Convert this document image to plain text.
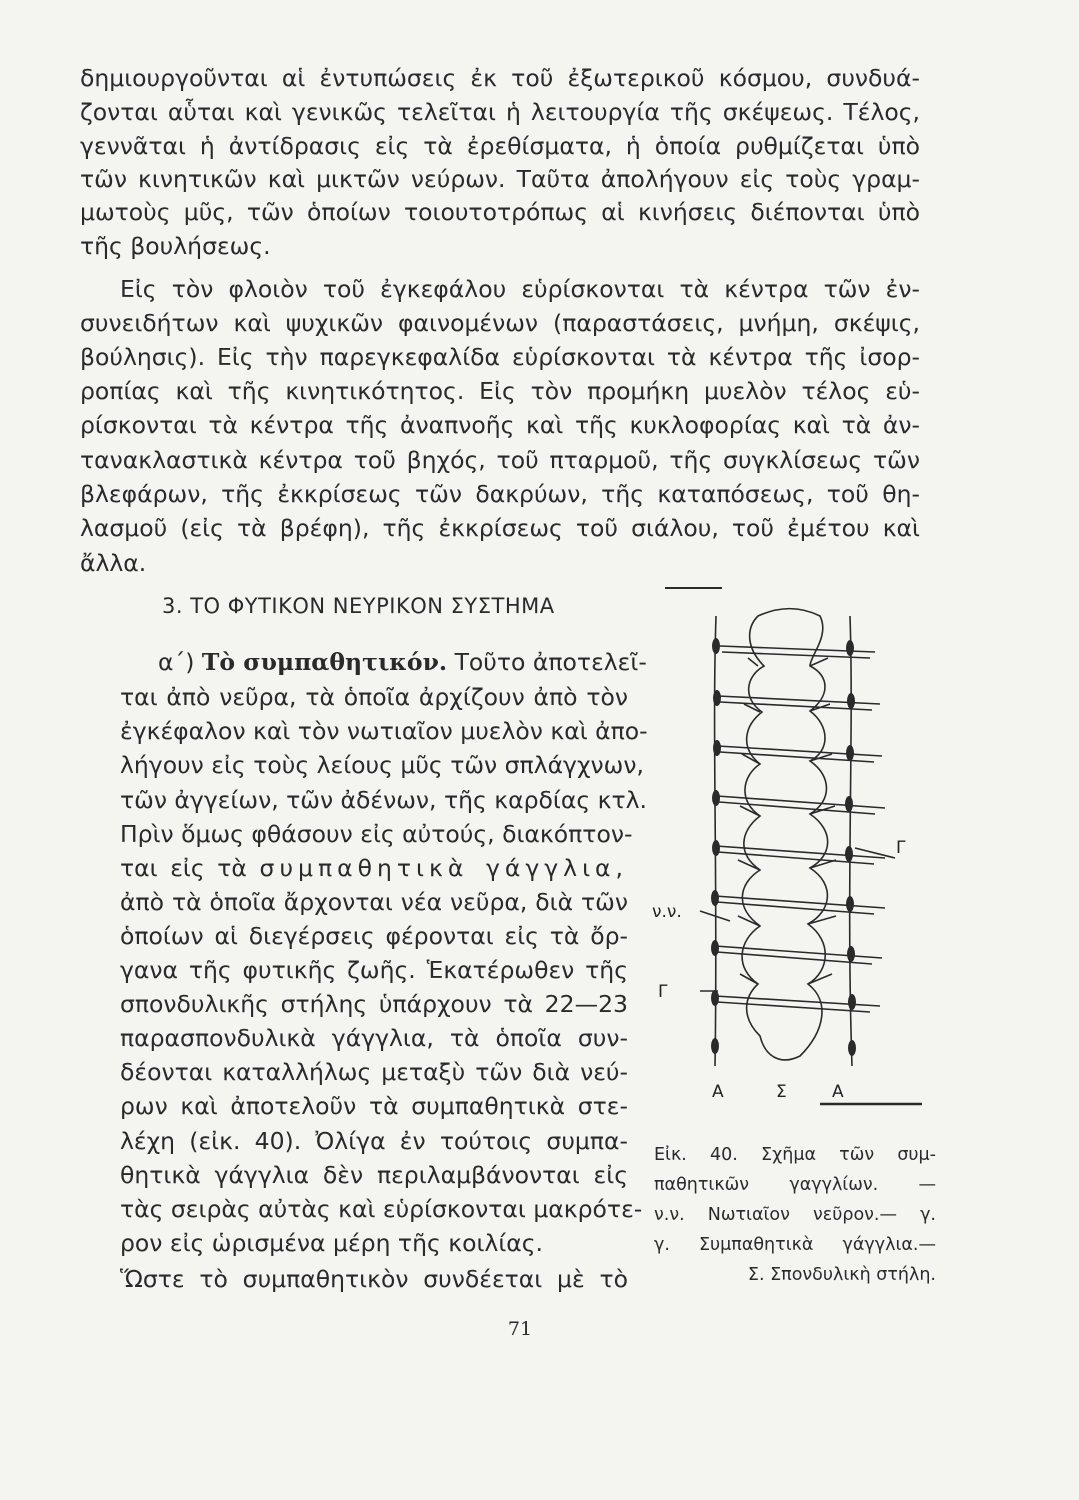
δημιουργοῦνται αἱ ἐντυπώσεις ἐκ τοῦ ἐξωτερικοῦ κόσμου, συνδυά-
ζονται αὗται καὶ γενικῶς τελεῖται ἡ λειτουργία τῆς σκέψεως. Τέλος,
γεννᾶται ἡ ἀντίδρασις εἰς τὰ ἐρεθίσματα, ἡ ὁποία ρυθμίζεται ὑπὸ
τῶν κινητικῶν καὶ μικτῶν νεύρων. Ταῦτα ἀπολήγουν εἰς τοὺς γραμ-
μωτοὺς μῦς, τῶν ὁποίων τοιουτοτρόπως αἱ κινήσεις διέπονται ὑπὸ
τῆς βουλήσεως.
Εἰς τὸν φλοιὸν τοῦ ἐγκεφάλου εὑρίσκονται τὰ κέντρα τῶν ἐν-
συνειδήτων καὶ ψυχικῶν φαινομένων (παραστάσεις, μνήμη, σκέψις,
βούλησις). Εἰς τὴν παρεγκεφαλίδα εὑρίσκονται τὰ κέντρα τῆς ἰσορ-
ροπίας καὶ τῆς κινητικότητος. Εἰς τὸν προμήκη μυελὸν τέλος εὑ-
ρίσκονται τὰ κέντρα τῆς ἀναπνοῆς καὶ τῆς κυκλοφορίας καὶ τὰ ἀν-
τανακλαστικὰ κέντρα τοῦ βηχός, τοῦ πταρμοῦ, τῆς συγκλίσεως τῶν
βλεφάρων, τῆς ἐκκρίσεως τῶν δακρύων, τῆς καταπόσεως, τοῦ θη-
λασμοῦ (εἰς τὰ βρέφη), τῆς ἐκκρίσεως τοῦ σιάλου, τοῦ ἐμέτου καὶ
ἄλλα.
3. ΤΟ ΦΥΤΙΚΟΝ ΝΕΥΡΙΚΟΝ ΣΥΣΤΗΜΑ
α΄) Τὸ συμπαθητικόν. Τοῦτο ἀποτελεῖ-
ται ἀπὸ νεῦρα, τὰ ὁποῖα ἀρχίζουν ἀπὸ τὸν
ἐγκέφαλον καὶ τὸν νωτιαῖον μυελὸν καὶ ἀπο-
λήγουν εἰς τοὺς λείους μῦς τῶν σπλάγχνων,
τῶν ἀγγείων, τῶν ἀδένων, τῆς καρδίας κτλ.
Πρὶν ὅμως φθάσουν εἰς αὐτούς, διακόπτον-
ται εἰς τὰ συμπαθητικὰ γάγγλια,
ἀπὸ τὰ ὁποῖα ἄρχονται νέα νεῦρα, διὰ τῶν
ὁποίων αἱ διεγέρσεις φέρονται εἰς τὰ ὄρ-
γανα τῆς φυτικῆς ζωῆς. Ἑκατέρωθεν τῆς
σπονδυλικῆς στήλης ὑπάρχουν τὰ 22—23
παρασπονδυλικὰ γάγγλια, τὰ ὁποῖα συν-
δέονται καταλλήλως μεταξὺ τῶν διὰ νεύ-
ρων καὶ ἀποτελοῦν τὰ συμπαθητικὰ στε-
λέχη (εἰκ. 40). Ὀλίγα ἐν τούτοις συμπα-
θητικὰ γάγγλια δὲν περιλαμβάνονται εἰς
τὰς σειρὰς αὐτὰς καὶ εὑρίσκονται μακρότε-
ρον εἰς ὡρισμένα μέρη τῆς κοιλίας.
Ὥστε τὸ συμπαθητικὸν συνδέεται μὲ τὸ
Γ
ν.ν.
Γ
Α	Σ	Α
Εἰκ. 40. Σχῆμα τῶν συμ-
παθητικῶν γαγγλίων. —
ν.ν. Νωτιαῖον νεῦρον.— γ.
γ. Συμπαθητικὰ γάγγλια.—
Σ. Σπονδυλικὴ στήλη.
71
